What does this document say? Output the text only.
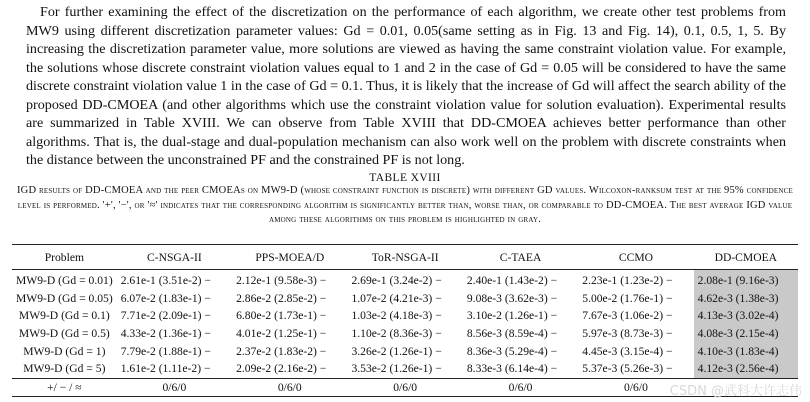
For further examining the effect of the discretization on the performance of each algorithm, we create other test problems from MW9 using different discretization parameter values: Gd = 0.01, 0.05(same setting as in Fig. 13 and Fig. 14), 0.1, 0.5, 1, 5. By increasing the discretization parameter value, more solutions are viewed as having the same constraint violation value. For example, the solutions whose discrete constraint violation values equal to 1 and 2 in the case of Gd = 0.05 will be considered to have the same discrete constraint violation value 1 in the case of Gd = 0.1. Thus, it is likely that the increase of Gd will affect the search ability of the proposed DD-CMOEA (and other algorithms which use the constraint violation value for solution evaluation). Experimental results are summarized in Table XVIII. We can observe from Table XVIII that DD-CMOEA achieves better performance than other algorithms. That is, the dual-stage and dual-population mechanism can also work well on the problem with discrete constraints when the distance between the unconstrained PF and the constrained PF is not long.

TABLE XVIII
IGD results of DD-CMOEA and the peer CMOEAs on MW9-D (whose constraint function is discrete) with different GD values. Wilcoxon-ranksum test at the 95% confidence level is performed. '+', '−', or '≈' indicates that the corresponding algorithm is significantly better than, worse than, or comparable to DD-CMOEA. The best average IGD value among these algorithms on this problem is highlighted in gray.
Problem	C-NSGA-II	PPS-MOEA/D	ToR-NSGA-II	C-TAEA	CCMO	DD-CMOEA
MW9-D (Gd = 0.01)	2.61e-1 (3.51e-2) −	2.12e-1 (9.58e-3) −	2.69e-1 (3.24e-2) −	2.40e-1 (1.43e-2) −	2.23e-1 (1.23e-2) −	2.08e-1 (9.16e-3)
MW9-D (Gd = 0.05)	6.07e-2 (1.83e-1) −	2.86e-2 (2.85e-2) −	1.07e-2 (4.21e-3) −	9.08e-3 (3.62e-3) −	5.00e-2 (1.76e-1) −	4.62e-3 (1.38e-3)
MW9-D (Gd = 0.1)	7.71e-2 (2.09e-1) −	6.80e-2 (1.73e-1) −	1.03e-2 (4.18e-3) −	3.10e-2 (1.26e-1) −	7.67e-3 (1.06e-2) −	4.13e-3 (3.02e-4)
MW9-D (Gd = 0.5)	4.33e-2 (1.36e-1) −	4.01e-2 (1.25e-1) −	1.10e-2 (8.36e-3) −	8.56e-3 (8.59e-4) −	5.97e-3 (8.73e-3) −	4.08e-3 (2.15e-4)
MW9-D (Gd = 1)	7.79e-2 (1.88e-1) −	2.37e-2 (1.83e-2) −	3.26e-2 (1.26e-1) −	8.36e-3 (5.29e-4) −	4.45e-3 (3.15e-4) −	4.10e-3 (1.83e-4)
MW9-D (Gd = 5)	1.61e-2 (1.11e-2) −	2.09e-2 (2.16e-2) −	3.53e-2 (1.26e-1) −	8.33e-3 (6.14e-4) −	5.37e-3 (5.26e-3) −	4.12e-3 (2.56e-4)
+/ − / ≈	0/6/0	0/6/0	0/6/0	0/6/0	0/6/0	CSDN @武科大许志伟
